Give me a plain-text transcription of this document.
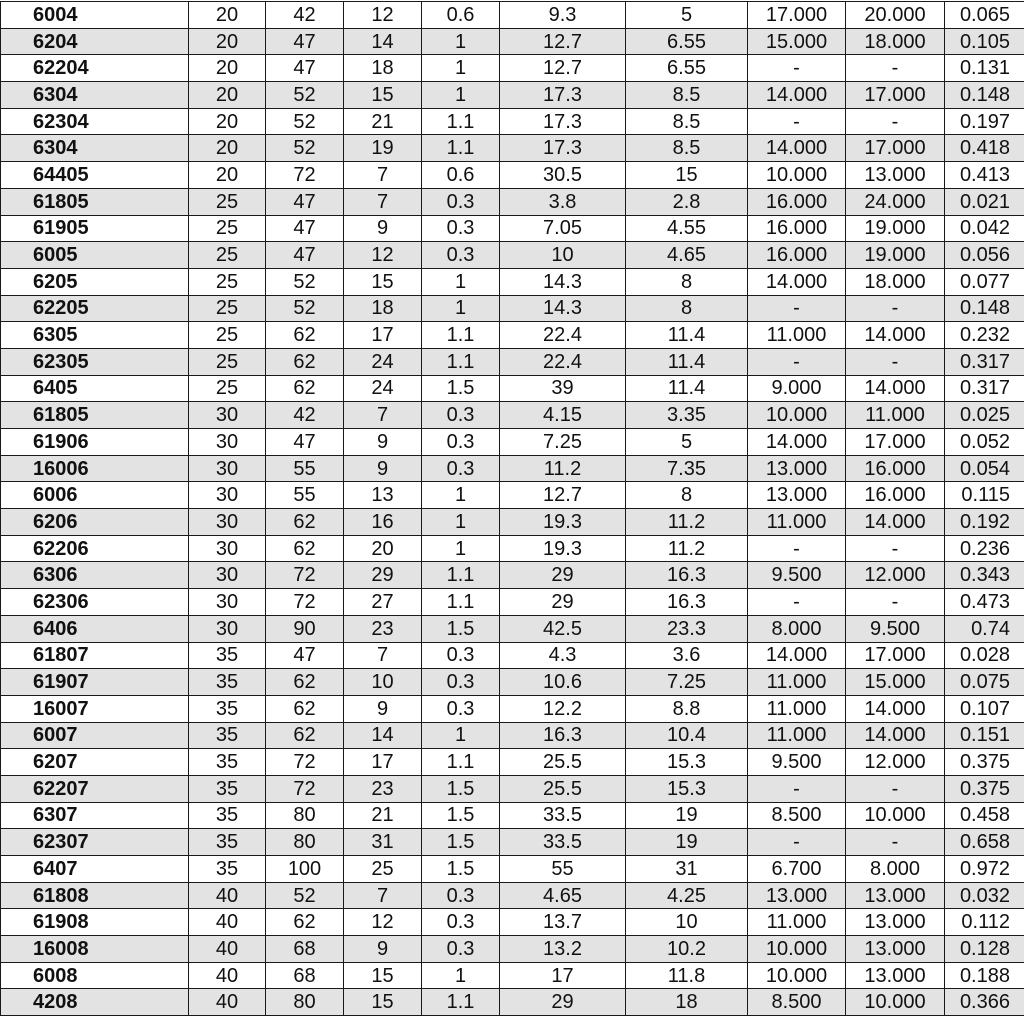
6004	20	42	12	0.6	9.3	5	17.000	20.000	0.065
6204	20	47	14	1	12.7	6.55	15.000	18.000	0.105
62204	20	47	18	1	12.7	6.55	-	-	0.131
6304	20	52	15	1	17.3	8.5	14.000	17.000	0.148
62304	20	52	21	1.1	17.3	8.5	-	-	0.197
6304	20	52	19	1.1	17.3	8.5	14.000	17.000	0.418
64405	20	72	7	0.6	30.5	15	10.000	13.000	0.413
61805	25	47	7	0.3	3.8	2.8	16.000	24.000	0.021
61905	25	47	9	0.3	7.05	4.55	16.000	19.000	0.042
6005	25	47	12	0.3	10	4.65	16.000	19.000	0.056
6205	25	52	15	1	14.3	8	14.000	18.000	0.077
62205	25	52	18	1	14.3	8	-	-	0.148
6305	25	62	17	1.1	22.4	11.4	11.000	14.000	0.232
62305	25	62	24	1.1	22.4	11.4	-	-	0.317
6405	25	62	24	1.5	39	11.4	9.000	14.000	0.317
61805	30	42	7	0.3	4.15	3.35	10.000	11.000	0.025
61906	30	47	9	0.3	7.25	5	14.000	17.000	0.052
16006	30	55	9	0.3	11.2	7.35	13.000	16.000	0.054
6006	30	55	13	1	12.7	8	13.000	16.000	0.115
6206	30	62	16	1	19.3	11.2	11.000	14.000	0.192
62206	30	62	20	1	19.3	11.2	-	-	0.236
6306	30	72	29	1.1	29	16.3	9.500	12.000	0.343
62306	30	72	27	1.1	29	16.3	-	-	0.473
6406	30	90	23	1.5	42.5	23.3	8.000	9.500	0.74
61807	35	47	7	0.3	4.3	3.6	14.000	17.000	0.028
61907	35	62	10	0.3	10.6	7.25	11.000	15.000	0.075
16007	35	62	9	0.3	12.2	8.8	11.000	14.000	0.107
6007	35	62	14	1	16.3	10.4	11.000	14.000	0.151
6207	35	72	17	1.1	25.5	15.3	9.500	12.000	0.375
62207	35	72	23	1.5	25.5	15.3	-	-	0.375
6307	35	80	21	1.5	33.5	19	8.500	10.000	0.458
62307	35	80	31	1.5	33.5	19	-	-	0.658
6407	35	100	25	1.5	55	31	6.700	8.000	0.972
61808	40	52	7	0.3	4.65	4.25	13.000	13.000	0.032
61908	40	62	12	0.3	13.7	10	11.000	13.000	0.112
16008	40	68	9	0.3	13.2	10.2	10.000	13.000	0.128
6008	40	68	15	1	17	11.8	10.000	13.000	0.188
4208	40	80	15	1.1	29	18	8.500	10.000	0.366
